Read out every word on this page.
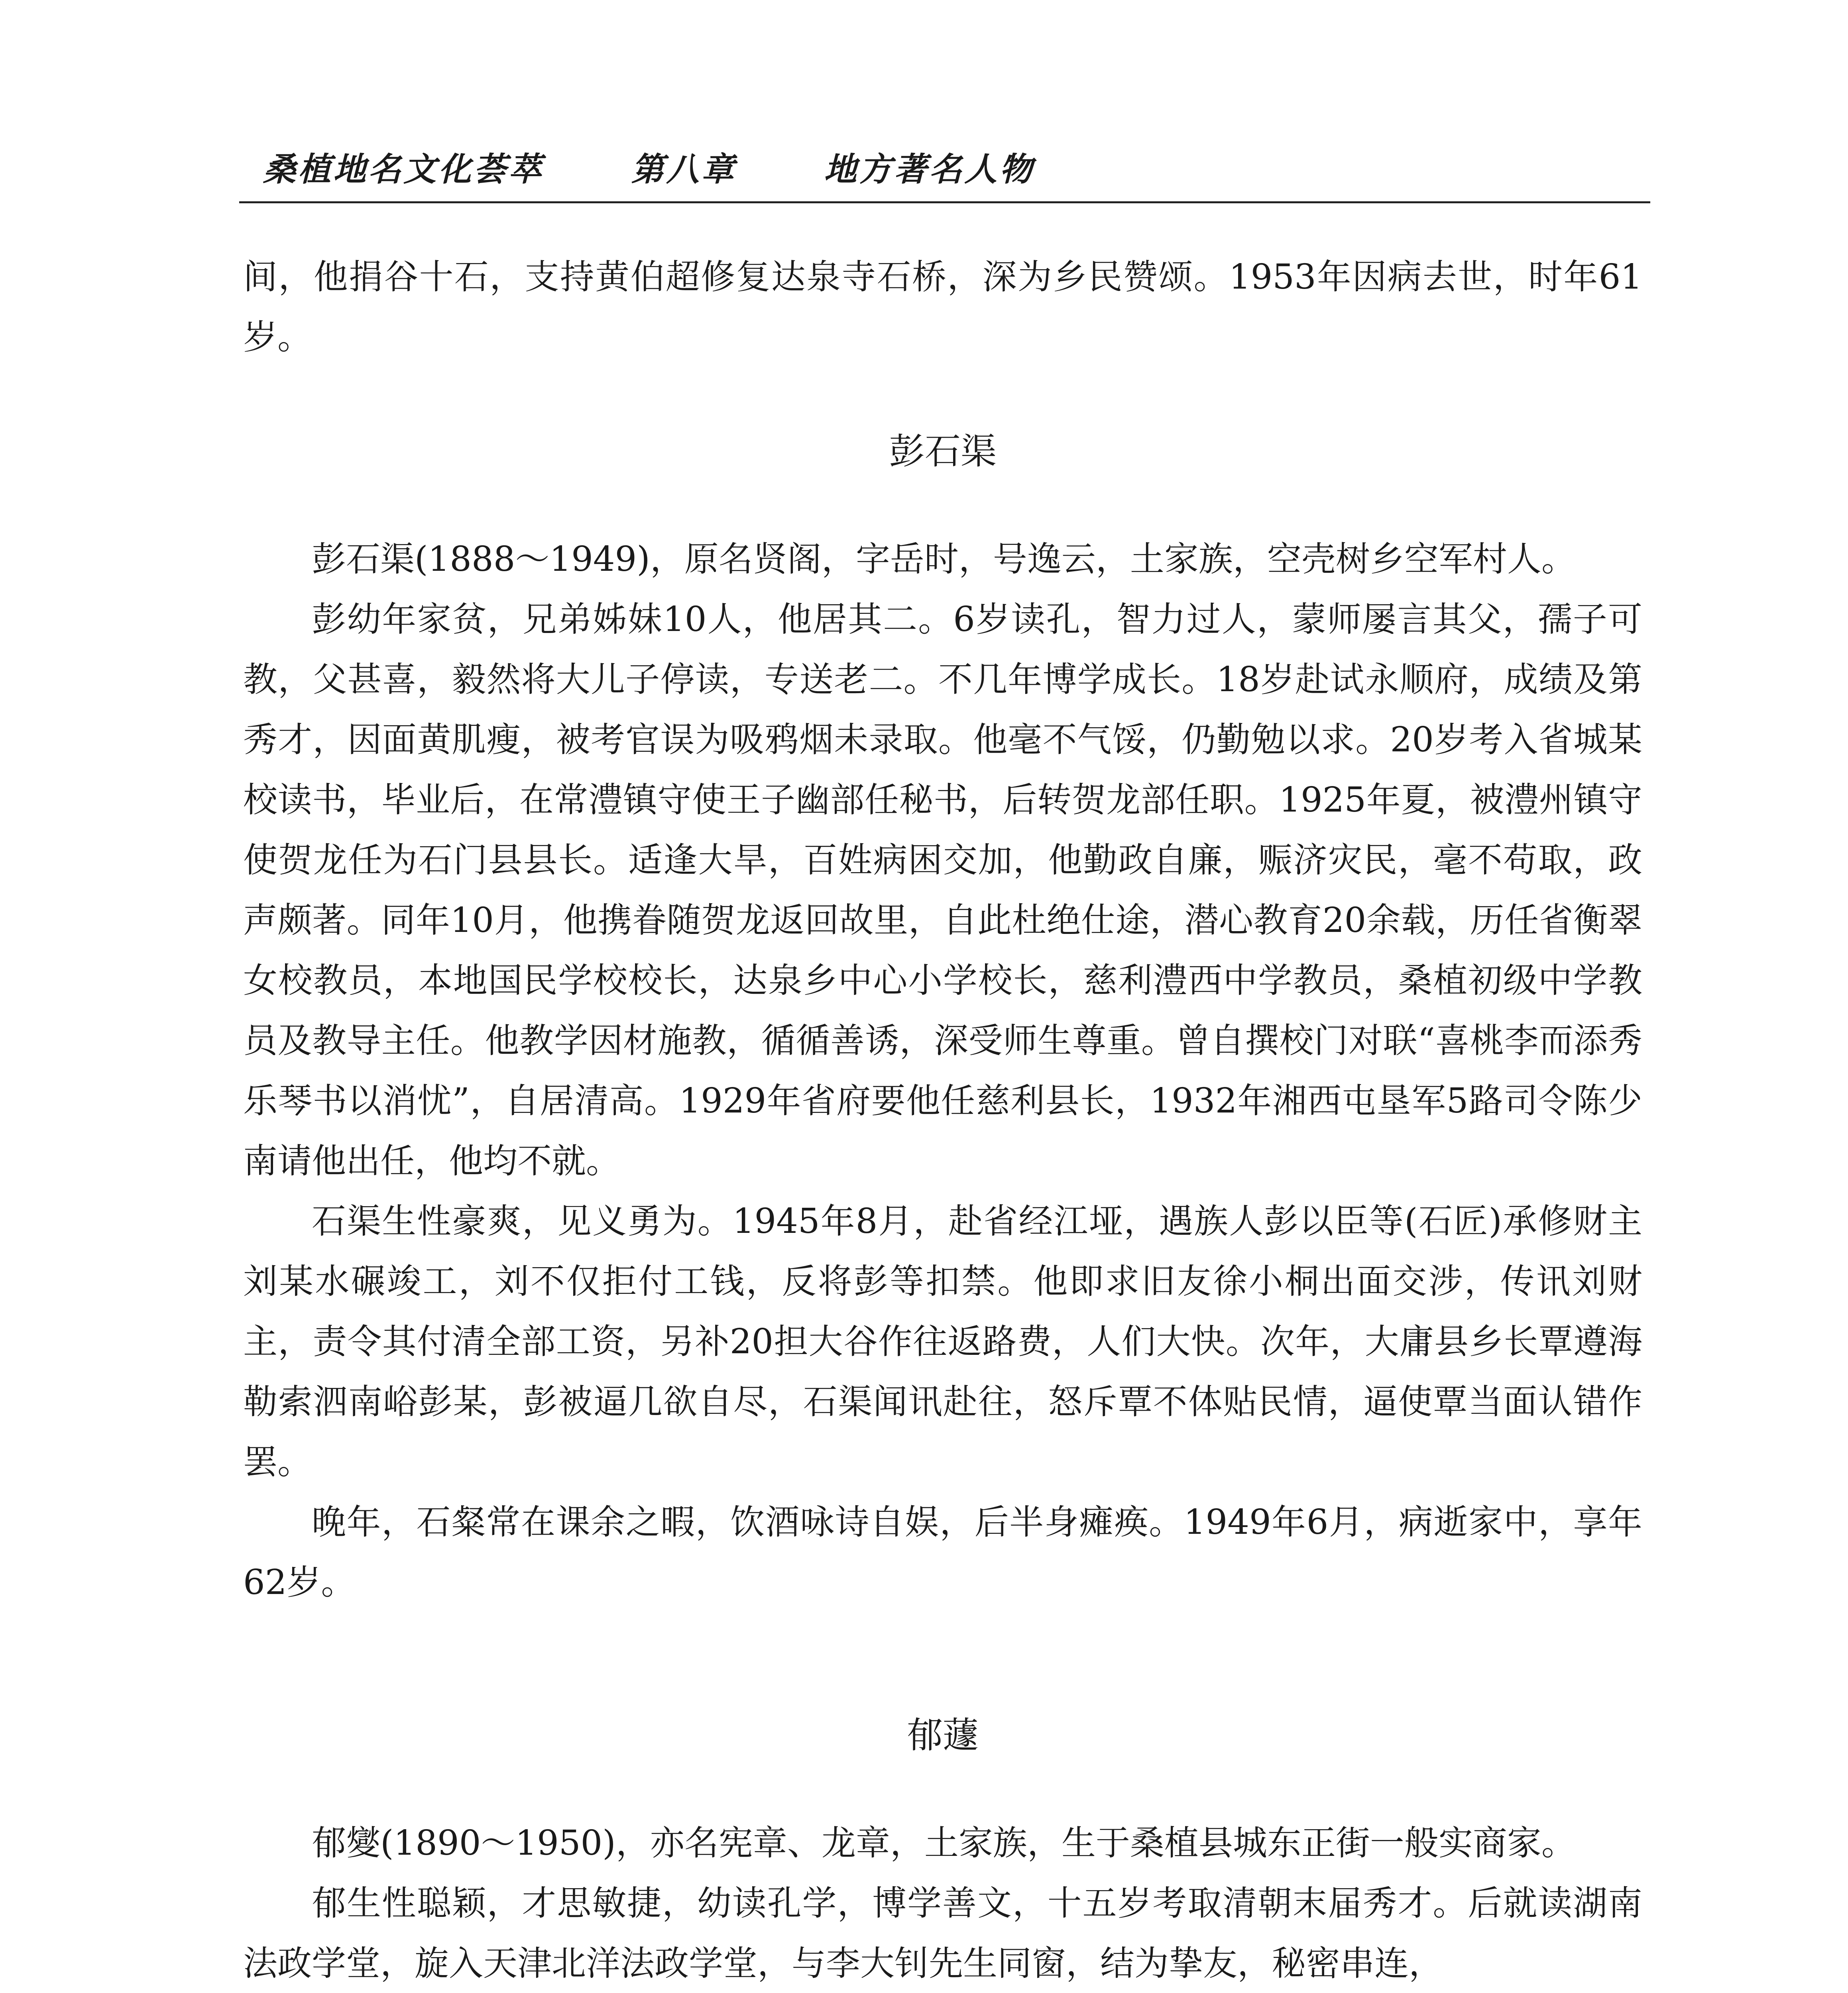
桑植地名文化荟萃	第八章	地方著名人物

间，他捐谷十石，支持黄伯超修复达泉寺石桥，深为乡民赞颂。1953年因病去世，时年61岁。

彭石渠

彭石渠(1888～1949)，原名贤阁，字岳时，号逸云，土家族，空壳树乡空军村人。

彭幼年家贫，兄弟姊妹10人，他居其二。6岁读孔，智力过人，蒙师屡言其父，孺子可教，父甚喜，毅然将大儿子停读，专送老二。不几年博学成长。18岁赴试永顺府，成绩及第秀才，因面黄肌瘦，被考官误为吸鸦烟未录取。他毫不气馁，仍勤勉以求。20岁考入省城某校读书，毕业后，在常澧镇守使王子幽部任秘书，后转贺龙部任职。1925年夏，被澧州镇守使贺龙任为石门县县长。适逢大旱，百姓病困交加，他勤政自廉，赈济灾民，毫不苟取，政声颇著。同年10月，他携眷随贺龙返回故里，自此杜绝仕途，潜心教育20余载，历任省衡翠女校教员，本地国民学校校长，达泉乡中心小学校长，慈利澧西中学教员，桑植初级中学教员及教导主任。他教学因材施教，循循善诱，深受师生尊重。曾自撰校门对联“喜桃李而添秀乐琴书以消忧”，自居清高。1929年省府要他任慈利县长，1932年湘西屯垦军5路司令陈少南请他出任，他均不就。

石渠生性豪爽，见义勇为。1945年8月，赴省经江垭，遇族人彭以臣等(石匠)承修财主刘某水碾竣工，刘不仅拒付工钱，反将彭等扣禁。他即求旧友徐小桐出面交涉，传讯刘财主，责令其付清全部工资，另补20担大谷作往返路费，人们大快。次年，大庸县乡长覃遵海勒索泗南峪彭某，彭被逼几欲自尽，石渠闻讯赴往，怒斥覃不体贴民情，逼使覃当面认错作罢。

晚年，石粲常在课余之暇，饮酒咏诗自娱，后半身瘫痪。1949年6月，病逝家中，享年62岁。

郁蘧

郁夑(1890～1950)，亦名宪章、龙章，土家族，生于桑植县城东正街一般实商家。

郁生性聪颖，才思敏捷，幼读孔学，博学善文，十五岁考取清朝末届秀才。后就读湖南法政学堂，旋入天津北洋法政学堂，与李大钊先生同窗，结为挚友，秘密串连，
